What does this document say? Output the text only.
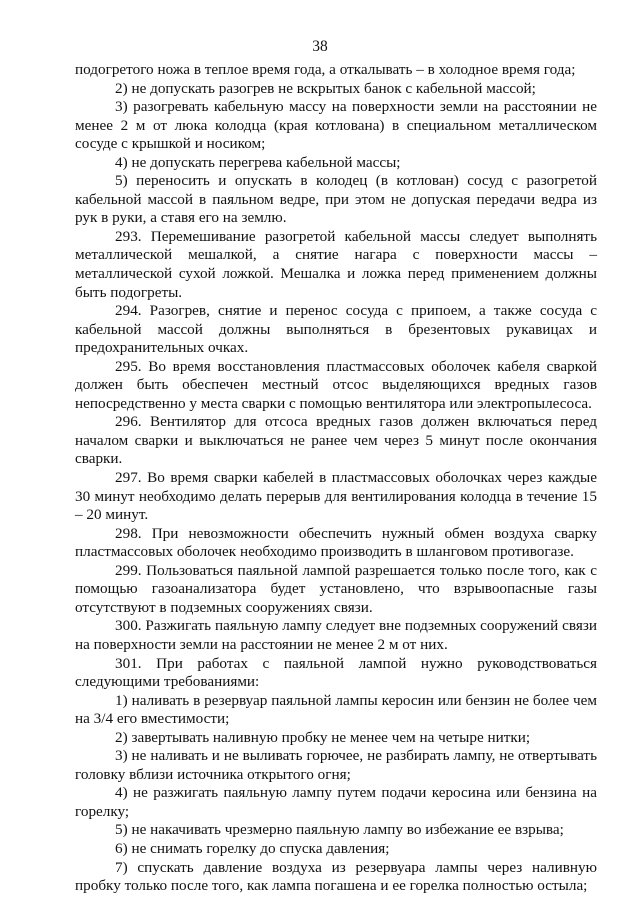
38

подогретого ножа в теплое время года, а откалывать – в холодное время года;

2) не допускать разогрев не вскрытых банок с кабельной массой;

3) разогревать кабельную массу на поверхности земли на расстоянии не менее 2 м от люка колодца (края котлована) в специальном металлическом сосуде с крышкой и носиком;

4) не допускать перегрева кабельной массы;

5) переносить и опускать в колодец (в котлован) сосуд с разогретой кабельной массой в паяльном ведре, при этом не допуская передачи ведра из рук в руки, а ставя его на землю.

293. Перемешивание разогретой кабельной массы следует выполнять металлической мешалкой, а снятие нагара с поверхности массы – металлической сухой ложкой. Мешалка и ложка перед применением должны быть подогреты.

294. Разогрев, снятие и перенос сосуда с припоем, а также сосуда с кабельной массой должны выполняться в брезентовых рукавицах и предохранительных очках.

295. Во время восстановления пластмассовых оболочек кабеля сваркой должен быть обеспечен местный отсос выделяющихся вредных газов непосредственно у места сварки с помощью вентилятора или электропылесоса.

296. Вентилятор для отсоса вредных газов должен включаться перед началом сварки и выключаться не ранее чем через 5 минут после окончания сварки.

297. Во время сварки кабелей в пластмассовых оболочках через каждые 30 минут необходимо делать перерыв для вентилирования колодца в течение 15 – 20 минут.

298. При невозможности обеспечить нужный обмен воздуха сварку пластмассовых оболочек необходимо производить в шланговом противогазе.

299. Пользоваться паяльной лампой разрешается только после того, как с помощью газоанализатора будет установлено, что взрывоопасные газы отсутствуют в подземных сооружениях связи.

300. Разжигать паяльную лампу следует вне подземных сооружений связи на поверхности земли на расстоянии не менее 2 м от них.

301. При работах с паяльной лампой нужно руководствоваться следующими требованиями:

1) наливать в резервуар паяльной лампы керосин или бензин не более чем на 3/4 его вместимости;

2) завертывать наливную пробку не менее чем на четыре нитки;

3) не наливать и не выливать горючее, не разбирать лампу, не отвертывать головку вблизи источника открытого огня;

4) не разжигать паяльную лампу путем подачи керосина или бензина на горелку;

5) не накачивать чрезмерно паяльную лампу во избежание ее взрыва;

6) не снимать горелку до спуска давления;

7) спускать давление воздуха из резервуара лампы через наливную пробку только после того, как лампа погашена и ее горелка полностью остыла;
